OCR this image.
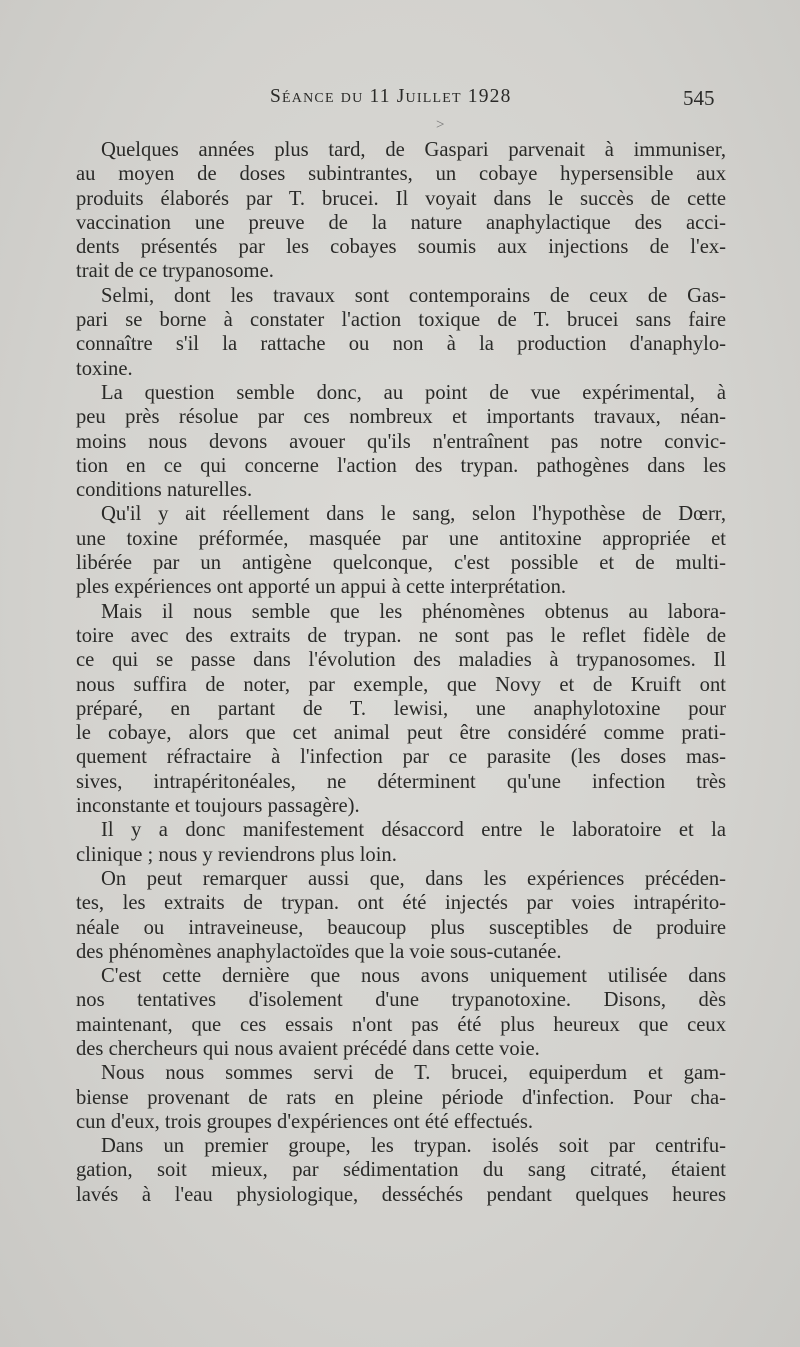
Séance du 11 Juillet 1928	545
>

Quelques années plus tard, de Gaspari parvenait à immuniser,
au moyen de doses subintrantes, un cobaye hypersensible aux
produits élaborés par T. brucei. Il voyait dans le succès de cette
vaccination une preuve de la nature anaphylactique des acci-
dents présentés par les cobayes soumis aux injections de l'ex-
trait de ce trypanosome.

Selmi, dont les travaux sont contemporains de ceux de Gas-
pari se borne à constater l'action toxique de T. brucei sans faire
connaître s'il la rattache ou non à la production d'anaphylo-
toxine.

La question semble donc, au point de vue expérimental, à
peu près résolue par ces nombreux et importants travaux, néan-
moins nous devons avouer qu'ils n'entraînent pas notre convic-
tion en ce qui concerne l'action des trypan. pathogènes dans les
conditions naturelles.

Qu'il y ait réellement dans le sang, selon l'hypothèse de Dœrr,
une toxine préformée, masquée par une antitoxine appropriée et
libérée par un antigène quelconque, c'est possible et de multi-
ples expériences ont apporté un appui à cette interprétation.

Mais il nous semble que les phénomènes obtenus au labora-
toire avec des extraits de trypan. ne sont pas le reflet fidèle de
ce qui se passe dans l'évolution des maladies à trypanosomes. Il
nous suffira de noter, par exemple, que Novy et de Kruift ont
préparé, en partant de T. lewisi, une anaphylotoxine pour
le cobaye, alors que cet animal peut être considéré comme prati-
quement réfractaire à l'infection par ce parasite (les doses mas-
sives, intrapéritonéales, ne déterminent qu'une infection très
inconstante et toujours passagère).

Il y a donc manifestement désaccord entre le laboratoire et la
clinique ; nous y reviendrons plus loin.

On peut remarquer aussi que, dans les expériences précéden-
tes, les extraits de trypan. ont été injectés par voies intrapérito-
néale ou intraveineuse, beaucoup plus susceptibles de produire
des phénomènes anaphylactoïdes que la voie sous-cutanée.

C'est cette dernière que nous avons uniquement utilisée dans
nos tentatives d'isolement d'une trypanotoxine. Disons, dès
maintenant, que ces essais n'ont pas été plus heureux que ceux
des chercheurs qui nous avaient précédé dans cette voie.

Nous nous sommes servi de T. brucei, equiperdum et gam-
biense provenant de rats en pleine période d'infection. Pour cha-
cun d'eux, trois groupes d'expériences ont été effectués.

Dans un premier groupe, les trypan. isolés soit par centrifu-
gation, soit mieux, par sédimentation du sang citraté, étaient
lavés à l'eau physiologique, desséchés pendant quelques heures
